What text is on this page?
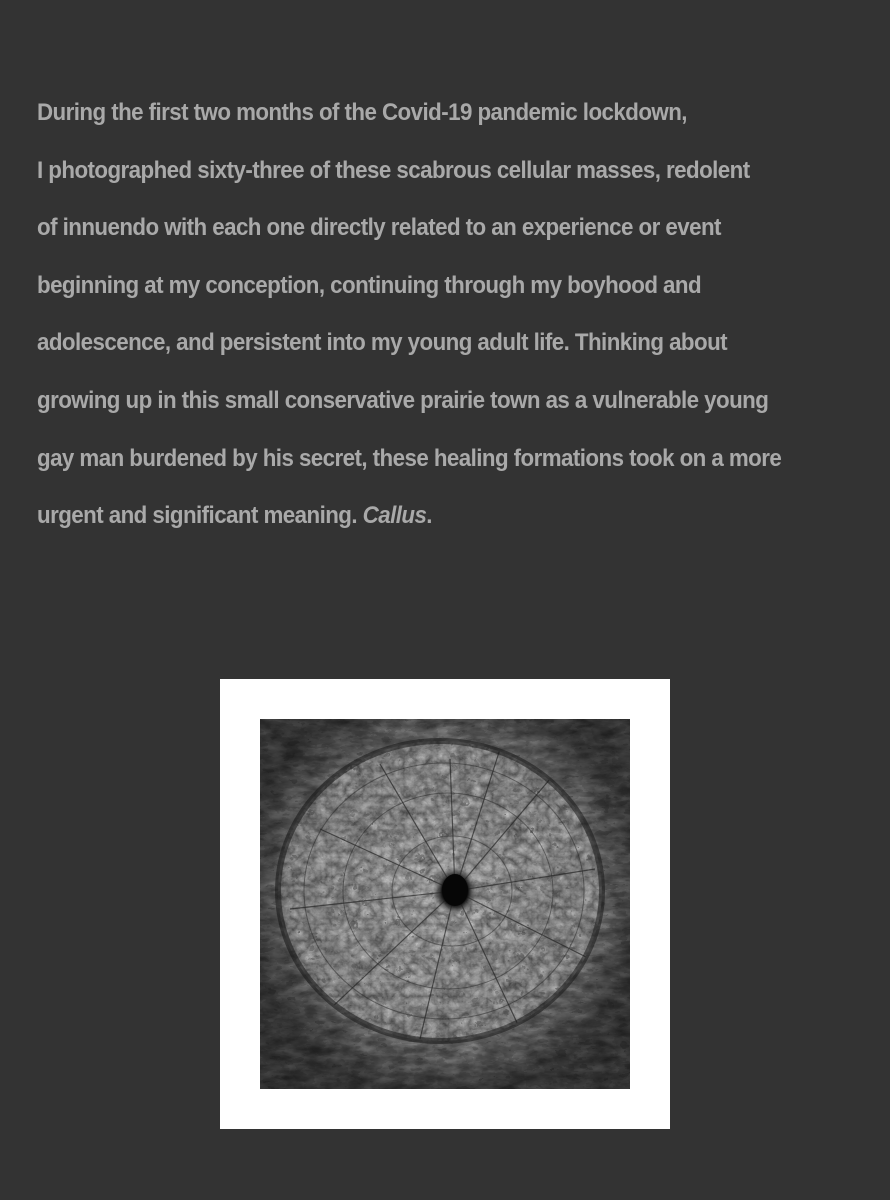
During the first two months of the Covid-19 pandemic lockdown,
I photographed sixty-three of these scabrous cellular masses, redolent
of innuendo with each one directly related to an experience or event
beginning at my conception, continuing through my boyhood and
adolescence, and persistent into my young adult life. Thinking about
growing up in this small conservative prairie town as a vulnerable young
gay man burdened by his secret, these healing formations took on a more
urgent and significant meaning. Callus.
